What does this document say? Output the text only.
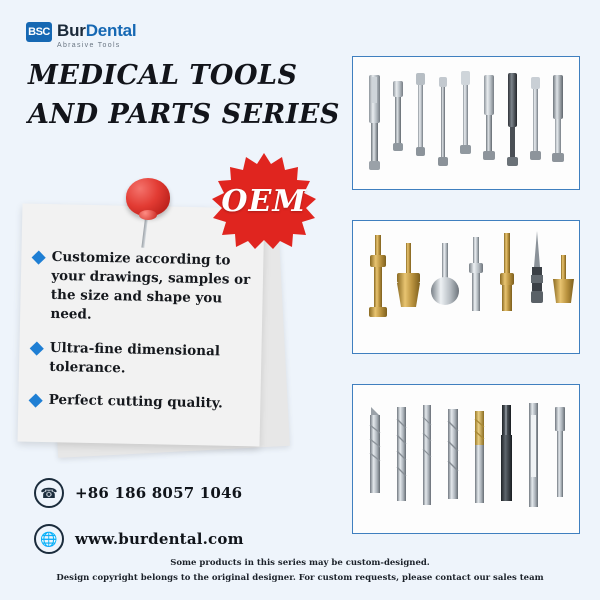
BSC BurDental
Abrasive Tools
MEDICAL TOOLS
AND PARTS SERIES
Customize according to your drawings, samples or the size and shape you need.
Ultra-fine dimensional tolerance.
Perfect cutting quality.
OEM
☎	+86 186 8057 1046
🌐	www.burdental.com
Some products in this series may be custom-designed.
Design copyright belongs to the original designer. For custom requests, please contact our sales team
